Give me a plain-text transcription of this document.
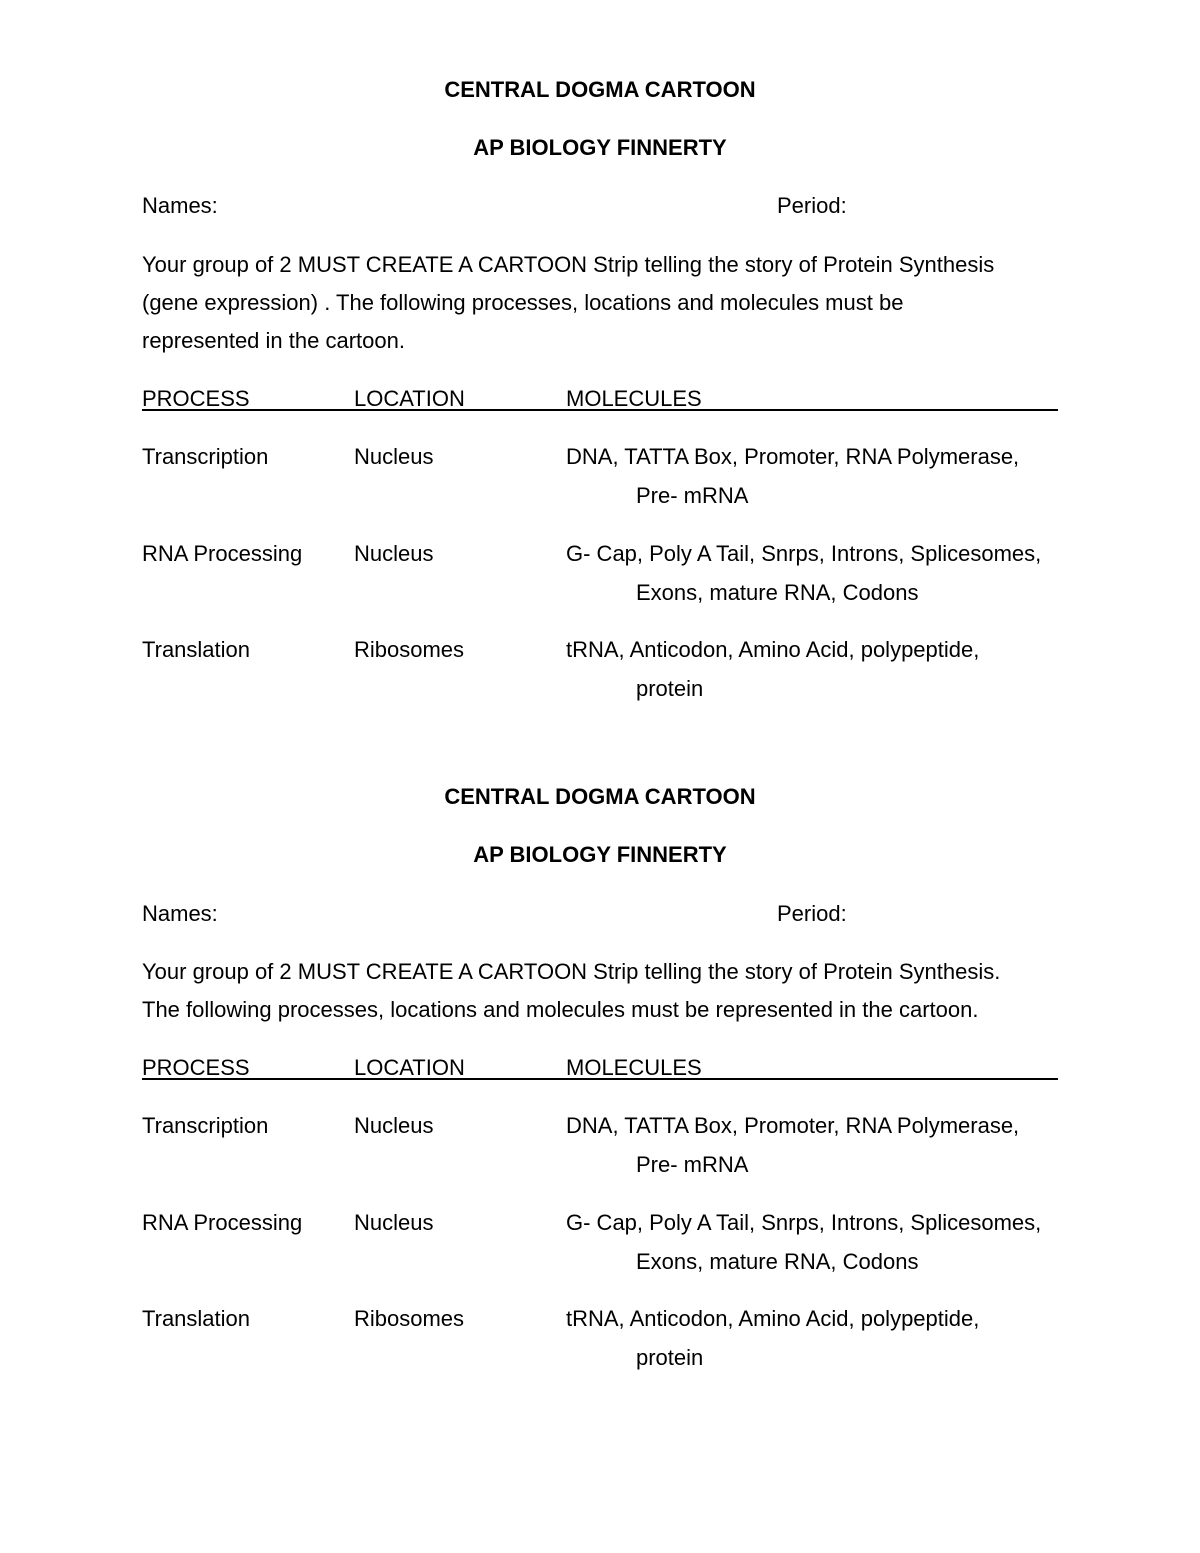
CENTRAL DOGMA CARTOON
AP BIOLOGY FINNERTY
Names:	Period:
Your group of 2 MUST CREATE A CARTOON Strip telling the story of Protein Synthesis
(gene expression) . The following processes, locations and molecules must be
represented in the cartoon.
PROCESS	LOCATION	MOLECULES
Transcription	Nucleus	DNA, TATTA Box, Promoter, RNA Polymerase,
Pre- mRNA
RNA Processing Nucleus	G- Cap, Poly A Tail, Snrps, Introns, Splicesomes,
Exons, mature RNA, Codons
Translation	Ribosomes	tRNA, Anticodon, Amino Acid, polypeptide,
protein
CENTRAL DOGMA CARTOON
AP BIOLOGY FINNERTY
Names:	Period:
Your group of 2 MUST CREATE A CARTOON Strip telling the story of Protein Synthesis.
The following processes, locations and molecules must be represented in the cartoon.
PROCESS	LOCATION	MOLECULES
Transcription	Nucleus	DNA, TATTA Box, Promoter, RNA Polymerase,
Pre- mRNA
RNA Processing Nucleus	G- Cap, Poly A Tail, Snrps, Introns, Splicesomes,
Exons, mature RNA, Codons
Translation	Ribosomes	tRNA, Anticodon, Amino Acid, polypeptide,
protein
